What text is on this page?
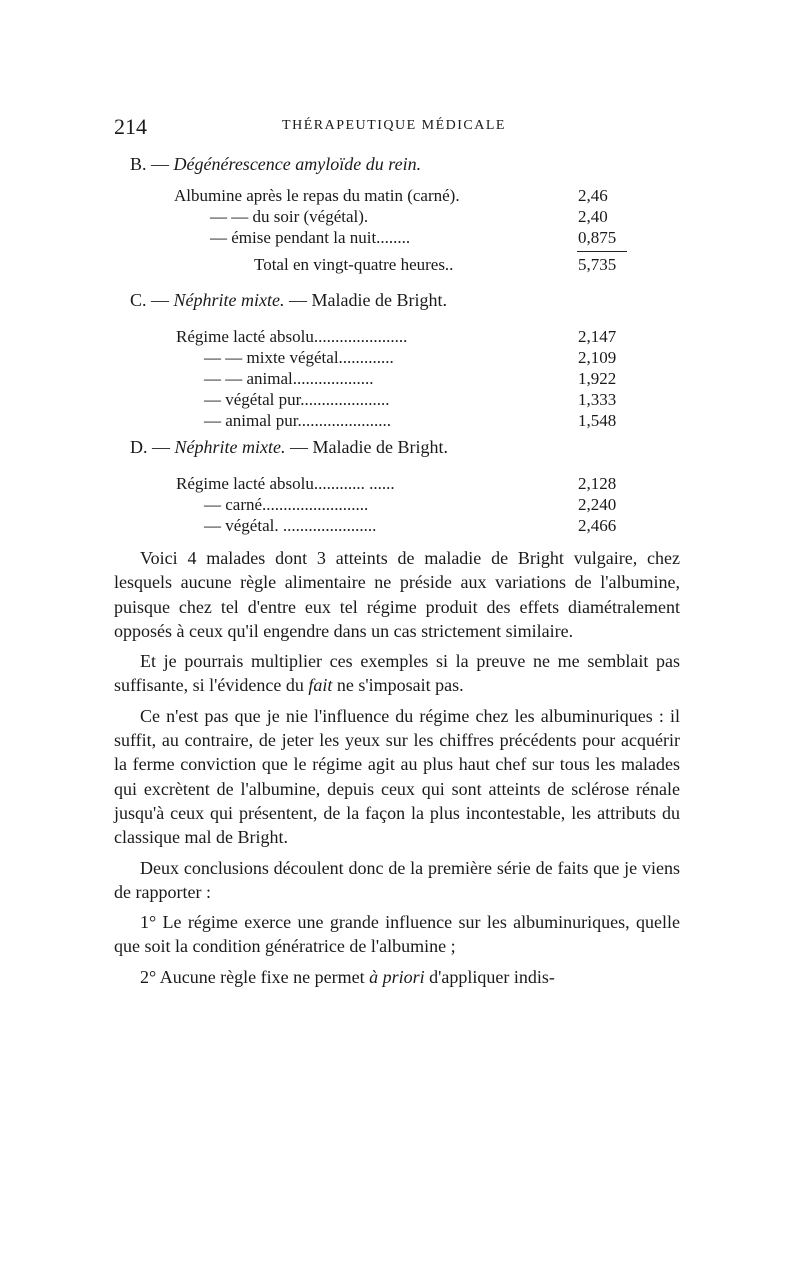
214	THÉRAPEUTIQUE MÉDICALE
B. — Dégénérescence amyloïde du rein.
Albumine après le repas du matin (carné).	2,46
— — du soir (végétal).	2,40
— émise pendant la nuit........	0,875
Total en vingt-quatre heures..	5,735
C. — Néphrite mixte. — Maladie de Bright.
Régime lacté absolu......................	2,147
— — mixte végétal.............	2,109
— — animal...................	1,922
— végétal pur.....................	1,333
— animal pur......................	1,548
D. — Néphrite mixte. — Maladie de Bright.
Régime lacté absolu............ ......	2,128
— carné.........................	2,240
— végétal. ......................	2,466

Voici 4 malades dont 3 atteints de maladie de Bright vulgaire, chez lesquels aucune règle alimentaire ne préside aux variations de l'albumine, puisque chez tel d'entre eux tel régime produit des effets diamétralement opposés à ceux qu'il engendre dans un cas strictement similaire.

Et je pourrais multiplier ces exemples si la preuve ne me semblait pas suffisante, si l'évidence du fait ne s'imposait pas.

Ce n'est pas que je nie l'influence du régime chez les albuminuriques : il suffit, au contraire, de jeter les yeux sur les chiffres précédents pour acquérir la ferme conviction que le régime agit au plus haut chef sur tous les malades qui excrètent de l'albumine, depuis ceux qui sont atteints de sclérose rénale jusqu'à ceux qui présentent, de la façon la plus incontestable, les attributs du classique mal de Bright.

Deux conclusions découlent donc de la première série de faits que je viens de rapporter :

1° Le régime exerce une grande influence sur les albuminuriques, quelle que soit la condition génératrice de l'albumine ;

2° Aucune règle fixe ne permet à priori d'appliquer indis-
